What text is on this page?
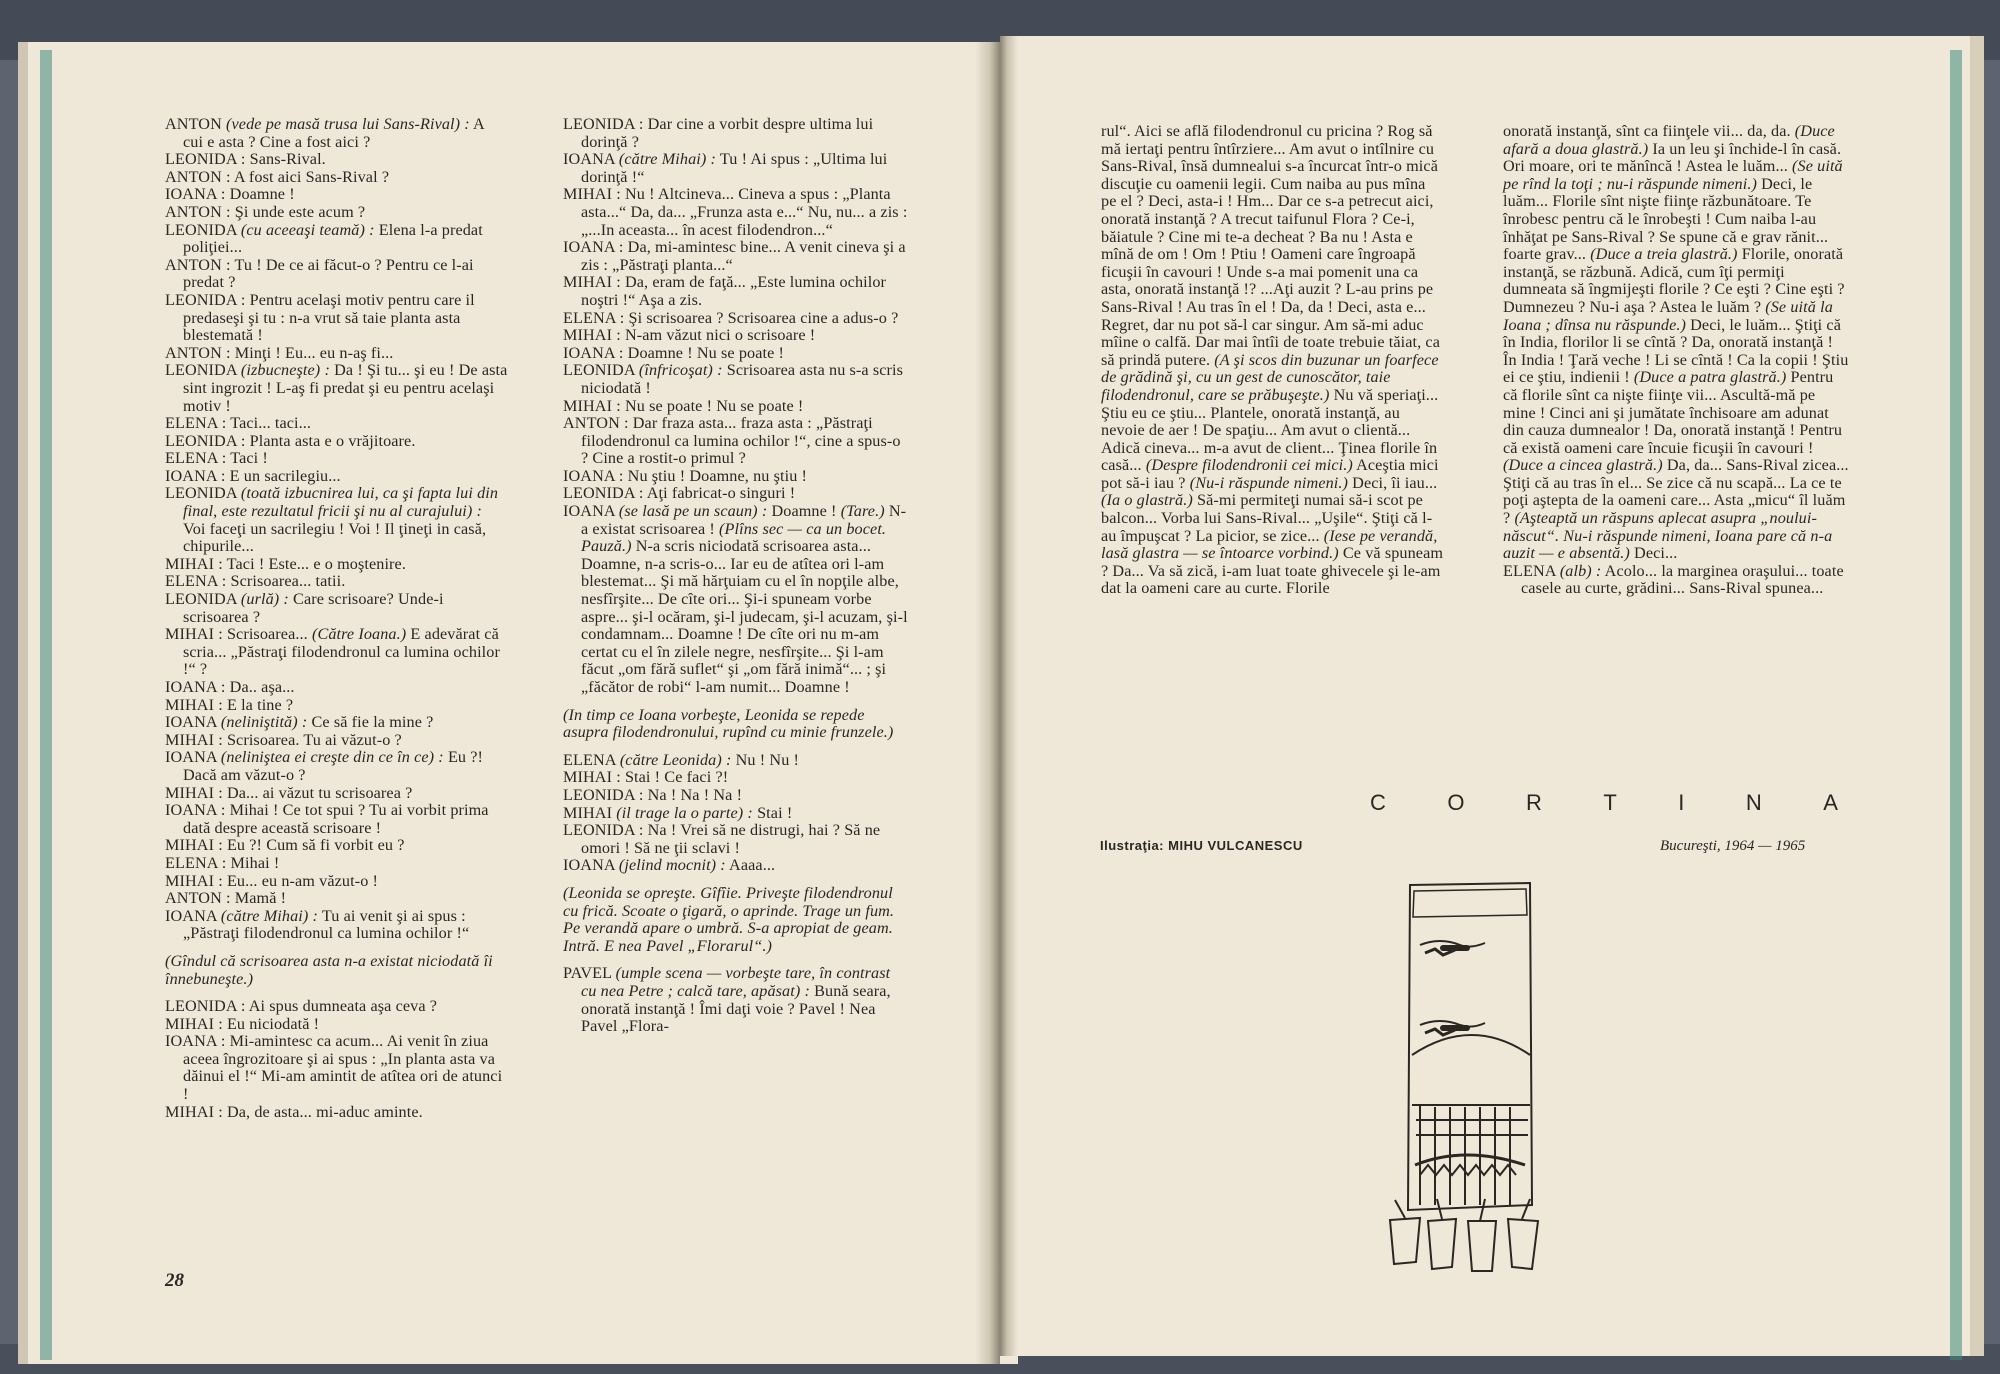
ANTON (vede pe masă trusa lui Sans-Rival) : A cui e asta ? Cine a fost aici ?

LEONIDA : Sans-Rival.

ANTON : A fost aici Sans-Rival ?

IOANA : Doamne !

ANTON : Şi unde este acum ?

LEONIDA (cu aceeaşi teamă) : Elena l-a predat poliţiei...

ANTON : Tu ! De ce ai făcut-o ? Pentru ce l-ai predat ?

LEONIDA : Pentru acelaşi motiv pentru care il predaseşi şi tu : n-a vrut să taie planta asta blestemată !

ANTON : Minţi ! Eu... eu n-aş fi...

LEONIDA (izbucneşte) : Da ! Şi tu... şi eu ! De asta sint ingrozit ! L-aş fi predat şi eu pentru acelaşi motiv !

ELENA : Taci... taci...

LEONIDA : Planta asta e o vrăjitoare.

ELENA : Taci !

IOANA : E un sacrilegiu...

LEONIDA (toată izbucnirea lui, ca şi fapta lui din final, este rezultatul fricii şi nu al curajului) : Voi faceţi un sacrilegiu ! Voi ! Il ţineţi in casă, chipurile...

MIHAI : Taci ! Este... e o moştenire.

ELENA : Scrisoarea... tatii.

LEONIDA (urlă) : Care scrisoare? Unde-i scrisoarea ?

MIHAI : Scrisoarea... (Către Ioana.) E adevărat că scria... „Păstraţi filodendronul ca lumina ochilor !“ ?

IOANA : Da.. aşa...

MIHAI : E la tine ?

IOANA (neliniştită) : Ce să fie la mine ?

MIHAI : Scrisoarea. Tu ai văzut-o ?

IOANA (neliniştea ei creşte din ce în ce) : Eu ?! Dacă am văzut-o ?

MIHAI : Da... ai văzut tu scrisoarea ?

IOANA : Mihai ! Ce tot spui ? Tu ai vorbit prima dată despre această scrisoare !

MIHAI : Eu ?! Cum să fi vorbit eu ?

ELENA : Mihai !

MIHAI : Eu... eu n-am văzut-o !

ANTON : Mamă !

IOANA (către Mihai) : Tu ai venit şi ai spus : „Păstraţi filodendronul ca lumina ochilor !“

(Gîndul că scrisoarea asta n-a existat niciodată îi înnebuneşte.)

LEONIDA : Ai spus dumneata aşa ceva ?

MIHAI : Eu niciodată !

IOANA : Mi-amintesc ca acum... Ai venit în ziua aceea îngrozitoare şi ai spus : „In planta asta va dăinui el !“ Mi-am amintit de atîtea ori de atunci !

MIHAI : Da, de asta... mi-aduc aminte.

LEONIDA : Dar cine a vorbit despre ultima lui dorinţă ?

IOANA (către Mihai) : Tu ! Ai spus : „Ultima lui dorinţă !“

MIHAI : Nu ! Altcineva... Cineva a spus : „Planta asta...“ Da, da... „Frunza asta e...“ Nu, nu... a zis : „...In aceasta... în acest filodendron...“

IOANA : Da, mi-amintesc bine... A venit cineva şi a zis : „Păstraţi planta...“

MIHAI : Da, eram de faţă... „Este lumina ochilor noştri !“ Aşa a zis.

ELENA : Şi scrisoarea ? Scrisoarea cine a adus-o ?

MIHAI : N-am văzut nici o scrisoare !

IOANA : Doamne ! Nu se poate !

LEONIDA (înfricoşat) : Scrisoarea asta nu s-a scris niciodată !

MIHAI : Nu se poate ! Nu se poate !

ANTON : Dar fraza asta... fraza asta : „Păstraţi filodendronul ca lumina ochilor !“, cine a spus-o ? Cine a rostit-o primul ?

IOANA : Nu ştiu ! Doamne, nu ştiu !

LEONIDA : Aţi fabricat-o singuri !

IOANA (se lasă pe un scaun) : Doamne ! (Tare.) N-a existat scrisoarea ! (Plîns sec — ca un bocet. Pauză.) N-a scris niciodată scrisoarea asta... Doamne, n-a scris-o... Iar eu de atîtea ori l-am blestemat... Şi mă hărţuiam cu el în nopţile albe, nesfîrşite... De cîte ori... Şi-i spuneam vorbe aspre... şi-l ocăram, şi-l judecam, şi-l acuzam, şi-l condamnam... Doamne ! De cîte ori nu m-am certat cu el în zilele negre, nesfîrşite... Şi l-am făcut „om fără suflet“ şi „om fără inimă“... ; şi „făcător de robi“ l-am numit... Doamne !

(In timp ce Ioana vorbeşte, Leonida se repede asupra filodendronului, rupînd cu minie frunzele.)

ELENA (către Leonida) : Nu ! Nu !

MIHAI : Stai ! Ce faci ?!

LEONIDA : Na ! Na ! Na !

MIHAI (il trage la o parte) : Stai !

LEONIDA : Na ! Vrei să ne distrugi, hai ? Să ne omori ! Să ne ţii sclavi !

IOANA (jelind mocnit) : Aaaa...

(Leonida se opreşte. Gîfîie. Priveşte filodendronul cu frică. Scoate o ţigară, o aprinde. Trage un fum. Pe verandă apare o umbră. S-a apropiat de geam. Intră. E nea Pavel „Florarul“.)

PAVEL (umple scena — vorbeşte tare, în contrast cu nea Petre ; calcă tare, apăsat) : Bună seara, onorată instanţă ! Îmi daţi voie ? Pavel ! Nea Pavel „Flora-

rul“. Aici se află filodendronul cu pricina ? Rog să mă iertaţi pentru întîrziere... Am avut o intîlnire cu Sans-Rival, însă dumnealui s-a încurcat într-o mică discuţie cu oamenii legii. Cum naiba au pus mîna pe el ? Deci, asta-i ! Hm... Dar ce s-a petrecut aici, onorată instanţă ? A trecut taifunul Flora ? Ce-i, băiatule ? Cine mi te-a decheat ? Ba nu ! Asta e mînă de om ! Om ! Ptiu ! Oameni care îngroapă ficuşii în cavouri ! Unde s-a mai pomenit una ca asta, onorată instanţă !? ...Aţi auzit ? L-au prins pe Sans-Rival ! Au tras în el ! Da, da ! Deci, asta e... Regret, dar nu pot să-l car singur. Am să-mi aduc mîine o calfă. Dar mai întîi de toate trebuie tăiat, ca să prindă putere. (A şi scos din buzunar un foarfece de grădină şi, cu un gest de cunoscător, taie filodendronul, care se prăbuşeşte.) Nu vă speriaţi... Ştiu eu ce ştiu... Plantele, onorată instanţă, au nevoie de aer ! De spaţiu... Am avut o clientă... Adică cineva... m-a avut de client... Ţinea florile în casă... (Despre filodendronii cei mici.) Aceştia mici pot să-i iau ? (Nu-i răspunde nimeni.) Deci, îi iau... (Ia o glastră.) Să-mi permiteţi numai să-i scot pe balcon... Vorba lui Sans-Rival... „Uşile“. Ştiţi că l-au împuşcat ? La picior, se zice... (Iese pe verandă, lasă glastra — se întoarce vorbind.) Ce vă spuneam ? Da... Va să zică, i-am luat toate ghivecele şi le-am dat la oameni care au curte. Florile

onorată instanţă, sînt ca fiinţele vii... da, da. (Duce afară a doua glastră.) Ia un leu şi închide-l în casă. Ori moare, ori te mănîncă ! Astea le luăm... (Se uită pe rînd la toţi ; nu-i răspunde nimeni.) Deci, le luăm... Florile sînt nişte fiinţe răzbunătoare. Te înrobesc pentru că le înrobeşti ! Cum naiba l-au înhăţat pe Sans-Rival ? Se spune că e grav rănit... foarte grav... (Duce a treia glastră.) Florile, onorată instanţă, se răzbună. Adică, cum îţi permiţi dumneata să îngmijeşti florile ? Ce eşti ? Cine eşti ? Dumnezeu ? Nu-i aşa ? Astea le luăm ? (Se uită la Ioana ; dînsa nu răspunde.) Deci, le luăm... Ştiţi că în India, florilor li se cîntă ? Da, onorată instanţă ! În India ! Ţară veche ! Li se cîntă ! Ca la copii ! Ştiu ei ce ştiu, indienii ! (Duce a patra glastră.) Pentru că florile sînt ca nişte fiinţe vii... Ascultă-mă pe mine ! Cinci ani şi jumătate închisoare am adunat din cauza dumnealor ! Da, onorată instanţă ! Pentru că există oameni care încuie ficuşii în cavouri ! (Duce a cincea glastră.) Da, da... Sans-Rival zicea... Ştiţi că au tras în el... Se zice că nu scapă... La ce te poţi aştepta de la oameni care... Asta „micu“ îl luăm ? (Aşteaptă un răspuns aplecat asupra „noului-născut“. Nu-i răspunde nimeni, Ioana pare că n-a auzit — e absentă.) Deci...

ELENA (alb) : Acolo... la marginea oraşului... toate casele au curte, grădini... Sans-Rival spunea...

28
C	O	R	T	I	N	A
Ilustraţia: MIHU VULCANESCU	Bucureşti, 1964 — 1965
